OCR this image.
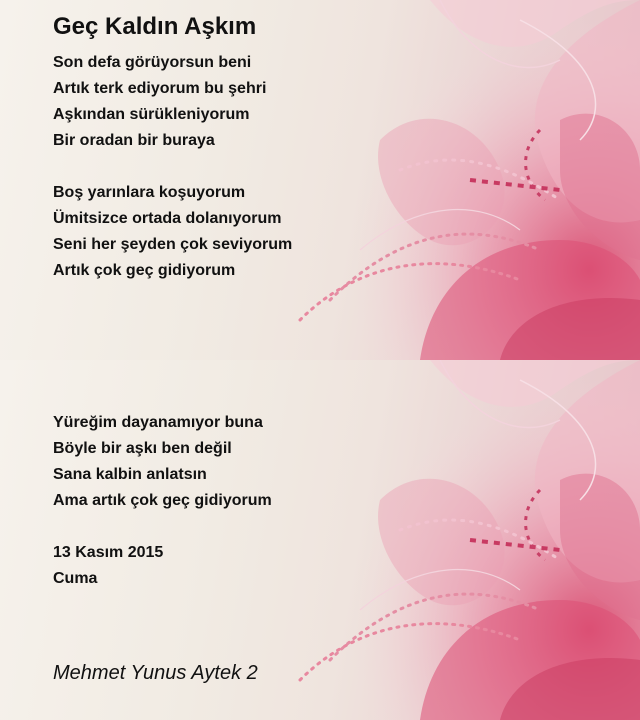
Geç Kaldın Aşkım
Son defa görüyorsun beni
Artık terk ediyorum bu şehri
Aşkından sürükleniyorum
Bir oradan bir buraya
Boş yarınlara koşuyorum
Ümitsizce ortada dolanıyorum
Seni her şeyden çok seviyorum
Artık çok geç gidiyorum
Yüreğim dayanamıyor buna
Böyle bir aşkı ben değil
Sana kalbin anlatsın
Ama artık çok geç gidiyorum
13 Kasım 2015
Cuma
Mehmet Yunus Aytek 2
